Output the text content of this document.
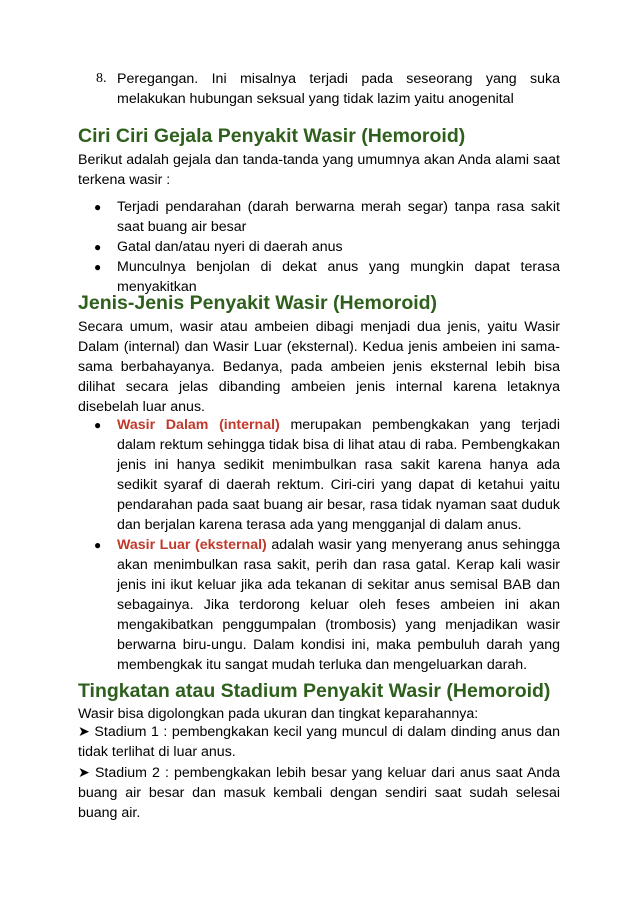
8. Peregangan. Ini misalnya terjadi pada seseorang yang suka melakukan hubungan seksual yang tidak lazim yaitu anogenital
Ciri Ciri Gejala Penyakit Wasir (Hemoroid)

Berikut adalah gejala dan tanda-tanda yang umumnya akan Anda alami saat terkena wasir :

● Terjadi pendarahan (darah berwarna merah segar) tanpa rasa sakit saat buang air besar
● Gatal dan/atau nyeri di daerah anus
● Munculnya benjolan di dekat anus yang mungkin dapat terasa menyakitkan
Jenis-Jenis Penyakit Wasir (Hemoroid)

Secara umum, wasir atau ambeien dibagi menjadi dua jenis, yaitu Wasir Dalam (internal) dan Wasir Luar (eksternal). Kedua jenis ambeien ini sama-sama berbahayanya. Bedanya, pada ambeien jenis eksternal lebih bisa dilihat secara jelas dibanding ambeien jenis internal karena letaknya disebelah luar anus.

● Wasir Dalam (internal) merupakan pembengkakan yang terjadi dalam rektum sehingga tidak bisa di lihat atau di raba. Pembengkakan jenis ini hanya sedikit menimbulkan rasa sakit karena hanya ada sedikit syaraf di daerah rektum. Ciri-ciri yang dapat di ketahui yaitu pendarahan pada saat buang air besar, rasa tidak nyaman saat duduk dan berjalan karena terasa ada yang mengganjal di dalam anus.
● Wasir Luar (eksternal) adalah wasir yang menyerang anus sehingga akan menimbulkan rasa sakit, perih dan rasa gatal. Kerap kali wasir jenis ini ikut keluar jika ada tekanan di sekitar anus semisal BAB dan sebagainya. Jika terdorong keluar oleh feses ambeien ini akan mengakibatkan penggumpalan (trombosis) yang menjadikan wasir berwarna biru-ungu. Dalam kondisi ini, maka pembuluh darah yang membengkak itu sangat mudah terluka dan mengeluarkan darah.
Tingkatan atau Stadium Penyakit Wasir (Hemoroid)

Wasir bisa digolongkan pada ukuran dan tingkat keparahannya:

➤ Stadium 1 : pembengkakan kecil yang muncul di dalam dinding anus dan tidak terlihat di luar anus.

➤ Stadium 2 : pembengkakan lebih besar yang keluar dari anus saat Anda buang air besar dan masuk kembali dengan sendiri saat sudah selesai buang air.
